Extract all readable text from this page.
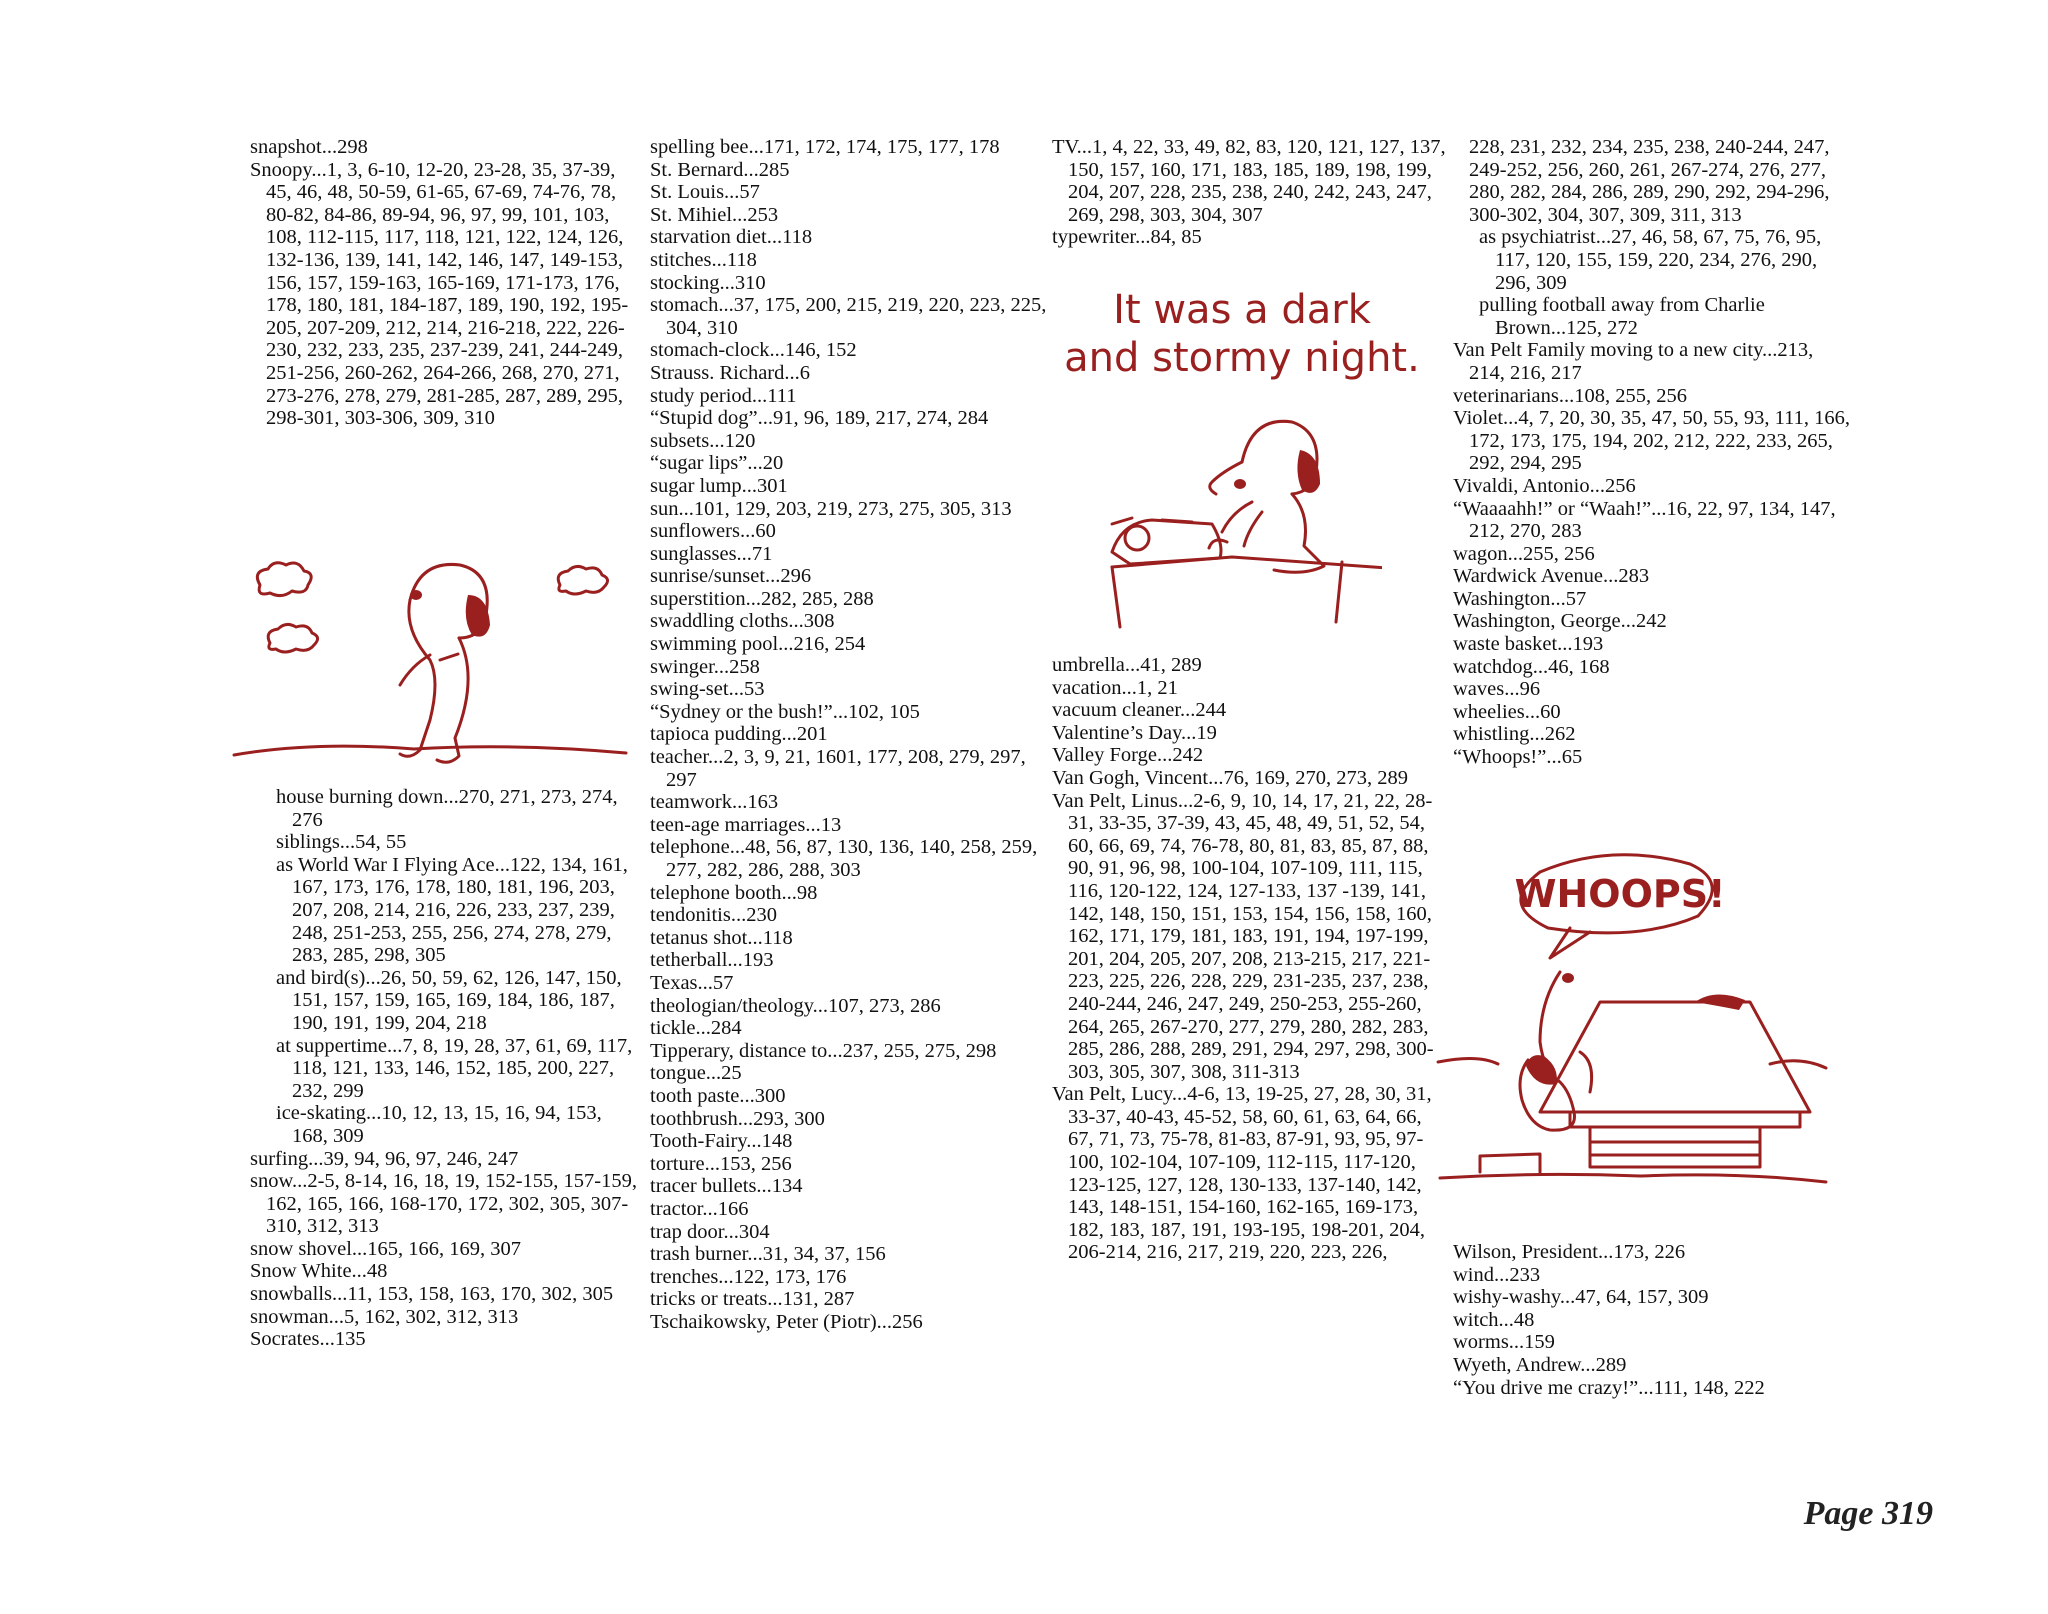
snapshot...298
Snoopy...1, 3, 6-10, 12-20, 23-28, 35, 37-39, 45, 46, 48, 50-59, 61-65, 67-69, 74-76, 78, 80-82, 84-86, 89-94, 96, 97, 99, 101, 103, 108, 112-115, 117, 118, 121, 122, 124, 126, 132-136, 139, 141, 142, 146, 147, 149-153, 156, 157, 159-163, 165-169, 171-173, 176, 178, 180, 181, 184-187, 189, 190, 192, 195-205, 207-209, 212, 214, 216-218, 222, 226-230, 232, 233, 235, 237-239, 241, 244-249, 251-256, 260-262, 264-266, 268, 270, 271, 273-276, 278, 279, 281-285, 287, 289, 295, 298-301, 303-306, 309, 310
house burning down...270, 271, 273, 274, 276
siblings...54, 55
as World War I Flying Ace...122, 134, 161, 167, 173, 176, 178, 180, 181, 196, 203, 207, 208, 214, 216, 226, 233, 237, 239, 248, 251-253, 255, 256, 274, 278, 279, 283, 285, 298, 305
and bird(s)...26, 50, 59, 62, 126, 147, 150, 151, 157, 159, 165, 169, 184, 186, 187, 190, 191, 199, 204, 218
at suppertime...7, 8, 19, 28, 37, 61, 69, 117, 118, 121, 133, 146, 152, 185, 200, 227, 232, 299
ice-skating...10, 12, 13, 15, 16, 94, 153, 168, 309
surfing...39, 94, 96, 97, 246, 247
snow...2-5, 8-14, 16, 18, 19, 152-155, 157-159, 162, 165, 166, 168-170, 172, 302, 305, 307-310, 312, 313
snow shovel...165, 166, 169, 307
Snow White...48
snowballs...11, 153, 158, 163, 170, 302, 305
snowman...5, 162, 302, 312, 313
Socrates...135
spelling bee...171, 172, 174, 175, 177, 178
St. Bernard...285
St. Louis...57
St. Mihiel...253
starvation diet...118
stitches...118
stocking...310
stomach...37, 175, 200, 215, 219, 220, 223, 225, 304, 310
stomach-clock...146, 152
Strauss. Richard...6
study period...111
“Stupid dog”...91, 96, 189, 217, 274, 284
subsets...120
“sugar lips”...20
sugar lump...301
sun...101, 129, 203, 219, 273, 275, 305, 313
sunflowers...60
sunglasses...71
sunrise/sunset...296
superstition...282, 285, 288
swaddling cloths...308
swimming pool...216, 254
swinger...258
swing-set...53
“Sydney or the bush!”...102, 105
tapioca pudding...201
teacher...2, 3, 9, 21, 1601, 177, 208, 279, 297, 297
teamwork...163
teen-age marriages...13
telephone...48, 56, 87, 130, 136, 140, 258, 259, 277, 282, 286, 288, 303
telephone booth...98
tendonitis...230
tetanus shot...118
tetherball...193
Texas...57
theologian/theology...107, 273, 286
tickle...284
Tipperary, distance to...237, 255, 275, 298
tongue...25
tooth paste...300
toothbrush...293, 300
Tooth-Fairy...148
torture...153, 256
tracer bullets...134
tractor...166
trap door...304
trash burner...31, 34, 37, 156
trenches...122, 173, 176
tricks or treats...131, 287
Tschaikowsky, Peter (Piotr)...256
TV...1, 4, 22, 33, 49, 82, 83, 120, 121, 127, 137, 150, 157, 160, 171, 183, 185, 189, 198, 199, 204, 207, 228, 235, 238, 240, 242, 243, 247, 269, 298, 303, 304, 307
typewriter...84, 85
umbrella...41, 289
vacation...1, 21
vacuum cleaner...244
Valentine’s Day...19
Valley Forge...242
Van Gogh, Vincent...76, 169, 270, 273, 289
Van Pelt, Linus...2-6, 9, 10, 14, 17, 21, 22, 28-31, 33-35, 37-39, 43, 45, 48, 49, 51, 52, 54, 60, 66, 69, 74, 76-78, 80, 81, 83, 85, 87, 88, 90, 91, 96, 98, 100-104, 107-109, 111, 115, 116, 120-122, 124, 127-133, 137 -139, 141, 142, 148, 150, 151, 153, 154, 156, 158, 160, 162, 171, 179, 181, 183, 191, 194, 197-199, 201, 204, 205, 207, 208, 213-215, 217, 221-223, 225, 226, 228, 229, 231-235, 237, 238, 240-244, 246, 247, 249, 250-253, 255-260, 264, 265, 267-270, 277, 279, 280, 282, 283, 285, 286, 288, 289, 291, 294, 297, 298, 300-303, 305, 307, 308, 311-313
Van Pelt, Lucy...4-6, 13, 19-25, 27, 28, 30, 31, 33-37, 40-43, 45-52, 58, 60, 61, 63, 64, 66, 67, 71, 73, 75-78, 81-83, 87-91, 93, 95, 97-100, 102-104, 107-109, 112-115, 117-120, 123-125, 127, 128, 130-133, 137-140, 142, 143, 148-151, 154-160, 162-165, 169-173, 182, 183, 187, 191, 193-195, 198-201, 204, 206-214, 216, 217, 219, 220, 223, 226,
228, 231, 232, 234, 235, 238, 240-244, 247, 249-252, 256, 260, 261, 267-274, 276, 277, 280, 282, 284, 286, 289, 290, 292, 294-296, 300-302, 304, 307, 309, 311, 313
as psychiatrist...27, 46, 58, 67, 75, 76, 95, 117, 120, 155, 159, 220, 234, 276, 290, 296, 309
pulling football away from Charlie Brown...125, 272
Van Pelt Family moving to a new city...213, 214, 216, 217
veterinarians...108, 255, 256
Violet...4, 7, 20, 30, 35, 47, 50, 55, 93, 111, 166, 172, 173, 175, 194, 202, 212, 222, 233, 265, 292, 294, 295
Vivaldi, Antonio...256
“Waaaahh!” or “Waah!”...16, 22, 97, 134, 147, 212, 270, 283
wagon...255, 256
Wardwick Avenue...283
Washington...57
Washington, George...242
waste basket...193
watchdog...46, 168
waves...96
wheelies...60
whistling...262
“Whoops!”...65
Wilson, President...173, 226
wind...233
wishy-washy...47, 64, 157, 309
witch...48
worms...159
Wyeth, Andrew...289
“You drive me crazy!”...111, 148, 222
It was a dark
and stormy night.
WHOOPS!
Page 319
